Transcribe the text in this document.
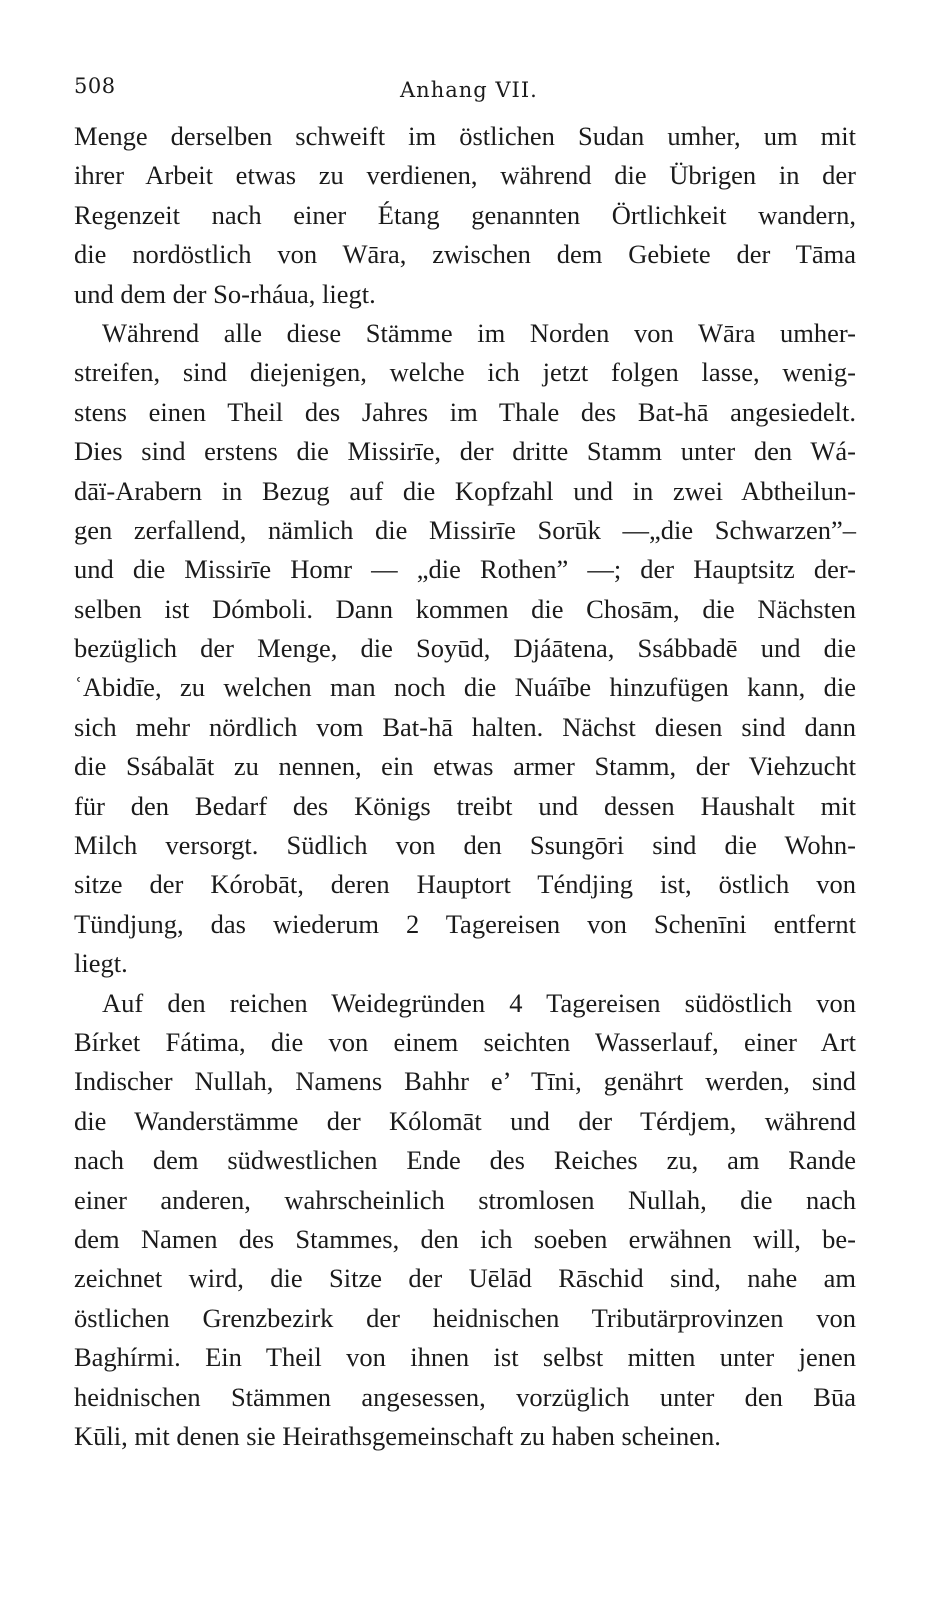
508	Anhang VII.
Menge derselben schweift im östlichen Sudan umher, um mit
ihrer Arbeit etwas zu verdienen, während die Übrigen in der
Regenzeit nach einer Étang genannten Örtlichkeit wandern,
die nordöstlich von Wāra, zwischen dem Gebiete der Tāma
und dem der So-rháua, liegt.
Während alle diese Stämme im Norden von Wāra umher-
streifen, sind diejenigen, welche ich jetzt folgen lasse, wenig-
stens einen Theil des Jahres im Thale des Bat-hā angesiedelt.
Dies sind erstens die Missirīe, der dritte Stamm unter den Wá-
dāï-Arabern in Bezug auf die Kopfzahl und in zwei Abtheilun-
gen zerfallend, nämlich die Missirīe Sorūk —„die Schwarzen”–
und die Missirīe Homr — „die Rothen” —; der Hauptsitz der-
selben ist Dómboli. Dann kommen die Chosām, die Nächsten
bezüglich der Menge, die Soyūd, Djáātena, Ssábbadē und die
ʿAbidīe, zu welchen man noch die Nuáībe hinzufügen kann, die
sich mehr nördlich vom Bat-hā halten. Nächst diesen sind dann
die Ssábalāt zu nennen, ein etwas armer Stamm, der Viehzucht
für den Bedarf des Königs treibt und dessen Haushalt mit
Milch versorgt. Südlich von den Ssungōri sind die Wohn-
sitze der Kórobāt, deren Hauptort Téndjing ist, östlich von
Tündjung, das wiederum 2 Tagereisen von Schenīni entfernt
liegt.
Auf den reichen Weidegründen 4 Tagereisen südöstlich von
Bírket Fátima, die von einem seichten Wasserlauf, einer Art
Indischer Nullah, Namens Bahhr e’ Tīni, genährt werden, sind
die Wanderstämme der Kólomāt und der Térdjem, während
nach dem südwestlichen Ende des Reiches zu, am Rande
einer anderen, wahrscheinlich stromlosen Nullah, die nach
dem Namen des Stammes, den ich soeben erwähnen will, be-
zeichnet wird, die Sitze der Uēlād Rāschid sind, nahe am
östlichen Grenzbezirk der heidnischen Tributärprovinzen von
Baghírmi. Ein Theil von ihnen ist selbst mitten unter jenen
heidnischen Stämmen angesessen, vorzüglich unter den Būa
Kūli, mit denen sie Heirathsgemeinschaft zu haben scheinen.
